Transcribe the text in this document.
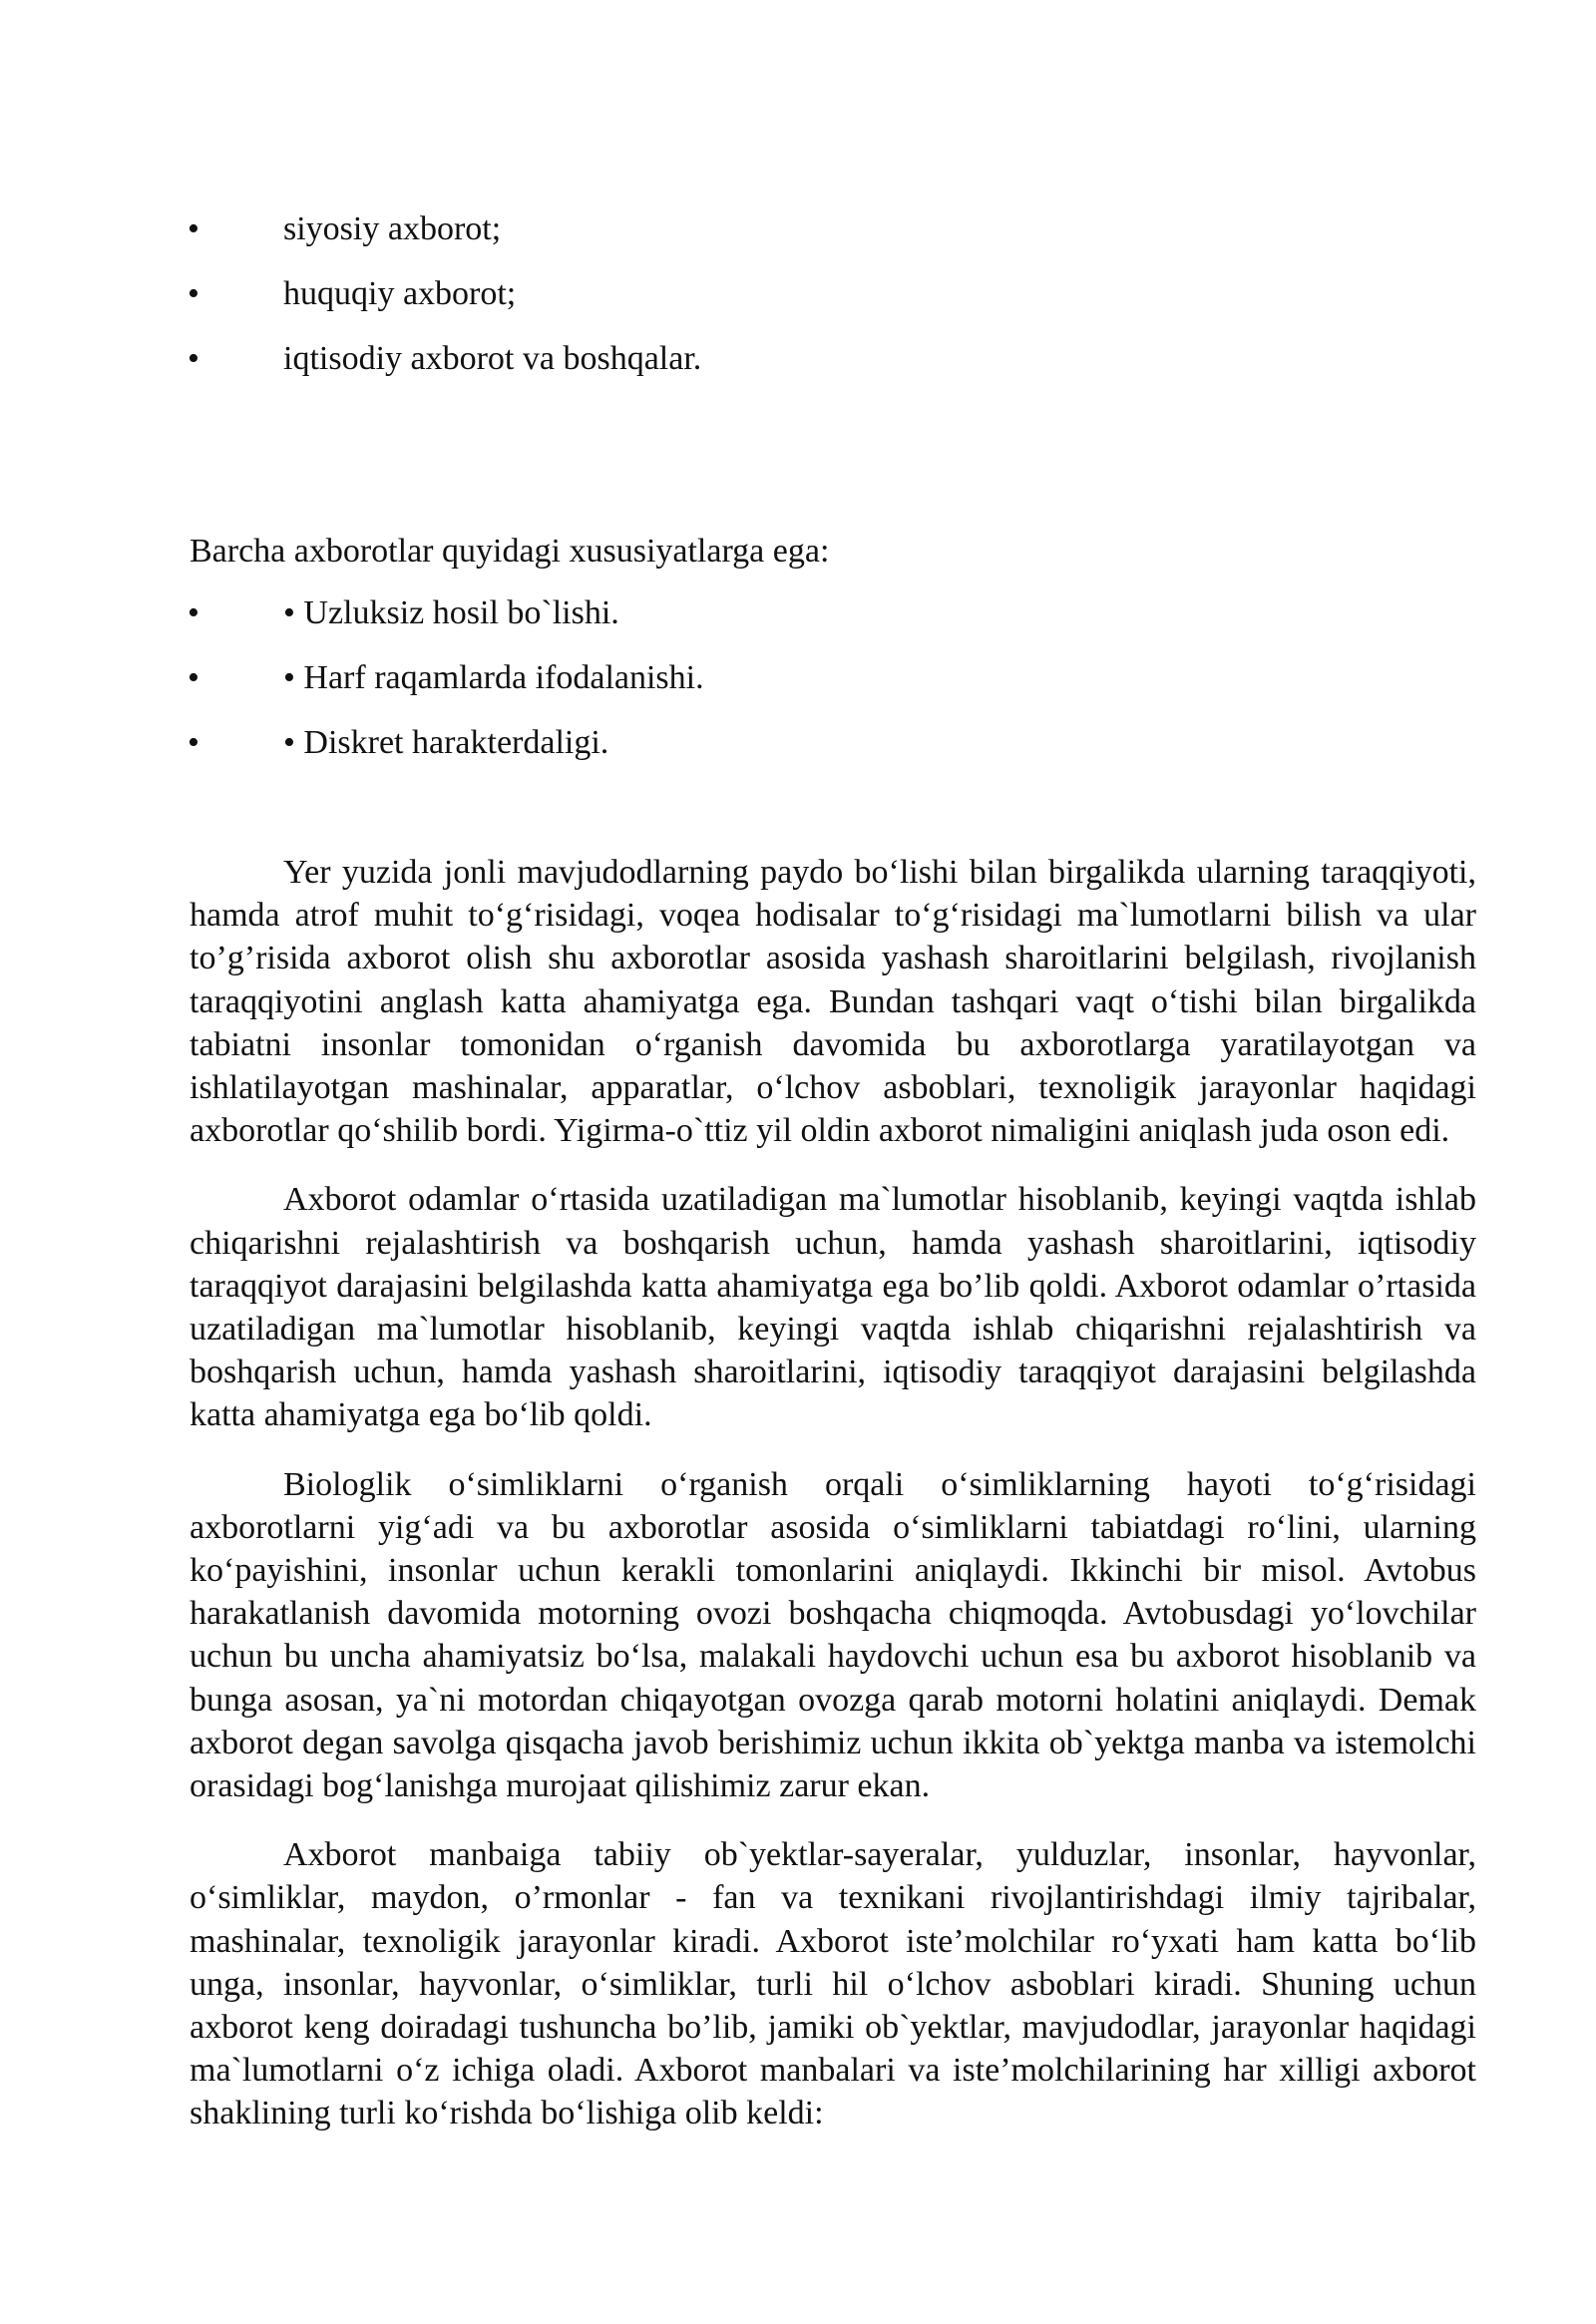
• siyosiy axborot;
• huquqiy axborot;
• iqtisodiy axborot va boshqalar.

Barcha axborotlar quyidagi xususiyatlarga ega:

• • Uzluksiz hosil bo`lishi.
• • Harf raqamlarda ifodalanishi.
• • Diskret harakterdaligi.

Yer yuzida jonli mavjudodlarning paydo bo‘lishi bilan birgalikda ularning taraqqiyoti, hamda atrof muhit to‘g‘risidagi, voqea hodisalar to‘g‘risidagi ma`lumotlarni bilish va ular to’g’risida axborot olish shu axborotlar asosida yashash sharoitlarini belgilash, rivojlanish taraqqiyotini anglash katta ahamiyatga ega. Bundan tashqari vaqt o‘tishi bilan birgalikda tabiatni insonlar tomonidan o‘rganish davomida bu axborotlarga yaratilayotgan va ishlatilayotgan mashinalar, apparatlar, o‘lchov asboblari, texnoligik jarayonlar haqidagi axborotlar qo‘shilib bordi. Yigirma-o`ttiz yil oldin axborot nimaligini aniqlash juda oson edi.

Axborot odamlar o‘rtasida uzatiladigan ma`lumotlar hisoblanib, keyingi vaqtda ishlab chiqarishni rejalashtirish va boshqarish uchun, hamda yashash sharoitlarini, iqtisodiy taraqqiyot darajasini belgilashda katta ahamiyatga ega bo’lib qoldi. Axborot odamlar o’rtasida uzatiladigan ma`lumotlar hisoblanib, keyingi vaqtda ishlab chiqarishni rejalashtirish va boshqarish uchun, hamda yashash sharoitlarini, iqtisodiy taraqqiyot darajasini belgilashda katta ahamiyatga ega bo‘lib qoldi.

Biologlik o‘simliklarni o‘rganish orqali o‘simliklarning hayoti to‘g‘risidagi axborotlarni yig‘adi va bu axborotlar asosida o‘simliklarni tabiatdagi ro‘lini, ularning ko‘payishini, insonlar uchun kerakli tomonlarini aniqlaydi. Ikkinchi bir misol. Avtobus harakatlanish davomida motorning ovozi boshqacha chiqmoqda. Avtobusdagi yo‘lovchilar uchun bu uncha ahamiyatsiz bo‘lsa, malakali haydovchi uchun esa bu axborot hisoblanib va bunga asosan, ya`ni motordan chiqayotgan ovozga qarab motorni holatini aniqlaydi. Demak axborot degan savolga qisqacha javob berishimiz uchun ikkita ob`yektga manba va istemolchi orasidagi bog‘lanishga murojaat qilishimiz zarur ekan.

Axborot manbaiga tabiiy ob`yektlar-sayeralar, yulduzlar, insonlar, hayvonlar, o‘simliklar, maydon, o’rmonlar - fan va texnikani rivojlantirishdagi ilmiy tajribalar, mashinalar, texnoligik jarayonlar kiradi. Axborot iste’molchilar ro‘yxati ham katta bo‘lib unga, insonlar, hayvonlar, o‘simliklar, turli hil o‘lchov asboblari kiradi. Shuning uchun axborot keng doiradagi tushuncha bo’lib, jamiki ob`yektlar, mavjudodlar, jarayonlar haqidagi ma`lumotlarni o‘z ichiga oladi. Axborot manbalari va iste’molchilarining har xilligi axborot shaklining turli ko‘rishda bo‘lishiga olib keldi:
